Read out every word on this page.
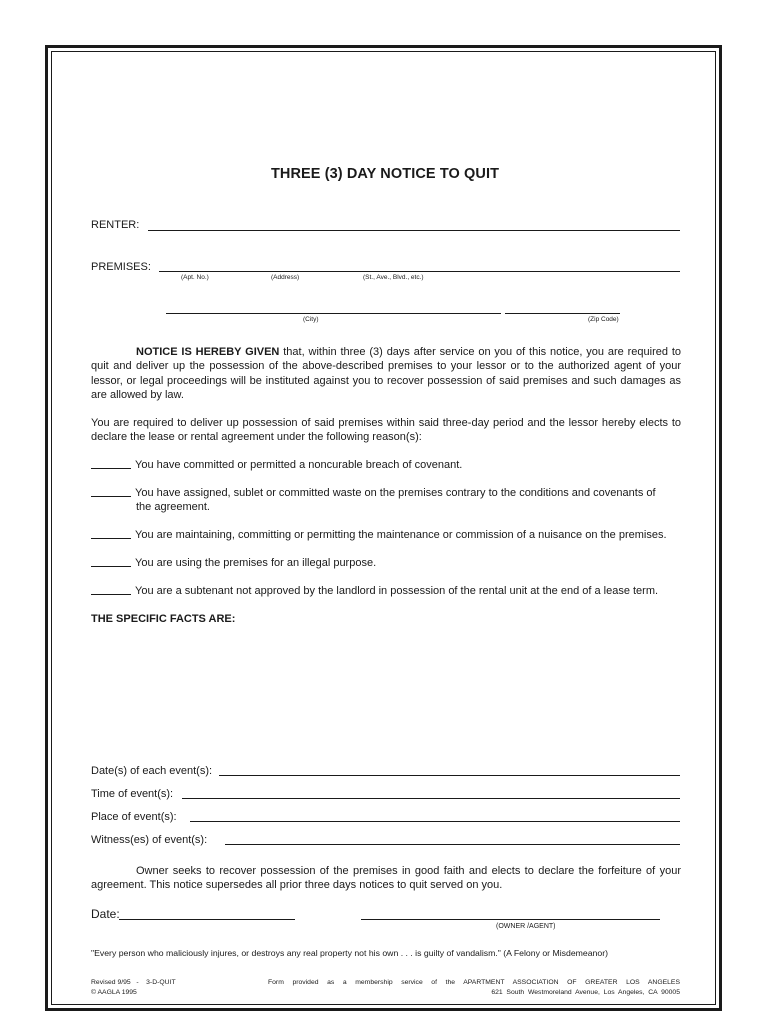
THREE (3) DAY NOTICE TO QUIT
RENTER:
PREMISES:
(Apt. No.)	(Address)	(St., Ave., Blvd., etc.)
(City)	(Zip Code)
NOTICE IS HEREBY GIVEN that, within three (3) days after service on you of this notice, you are required to quit and deliver up the possession of the above-described premises to your lessor or to the authorized agent of your lessor, or legal proceedings will be instituted against you to recover possession of said premises and such damages as are allowed by law.
You are required to deliver up possession of said premises within said three-day period and the lessor hereby elects to declare the lease or rental agreement under the following reason(s):
You have committed or permitted a noncurable breach of covenant.
You have assigned, sublet or committed waste on the premises contrary to the conditions and covenants of
the agreement.
You are maintaining, committing or permitting the maintenance or commission of a nuisance on the premises.
You are using the premises for an illegal purpose.
You are a subtenant not approved by the landlord in possession of the rental unit at the end of a lease term.
THE SPECIFIC FACTS ARE:
Date(s) of each event(s):
Time of event(s):
Place of event(s):
Witness(es) of event(s):
Owner seeks to recover possession of the premises in good faith and elects to declare the forfeiture of your agreement. This notice supersedes all prior three days notices to quit served on you.
Date:
(OWNER /AGENT)
"Every person who maliciously injures, or destroys any real property not his own . . . is guilty of vandalism." (A Felony or Misdemeanor)
Revised 9/95   -    3-D-QUIT
© AAGLA 1995
Form provided as a membership service of the APARTMENT ASSOCIATION OF GREATER LOS ANGELES
621  South  Westmoreland  Avenue,  Los  Angeles,  CA  90005
